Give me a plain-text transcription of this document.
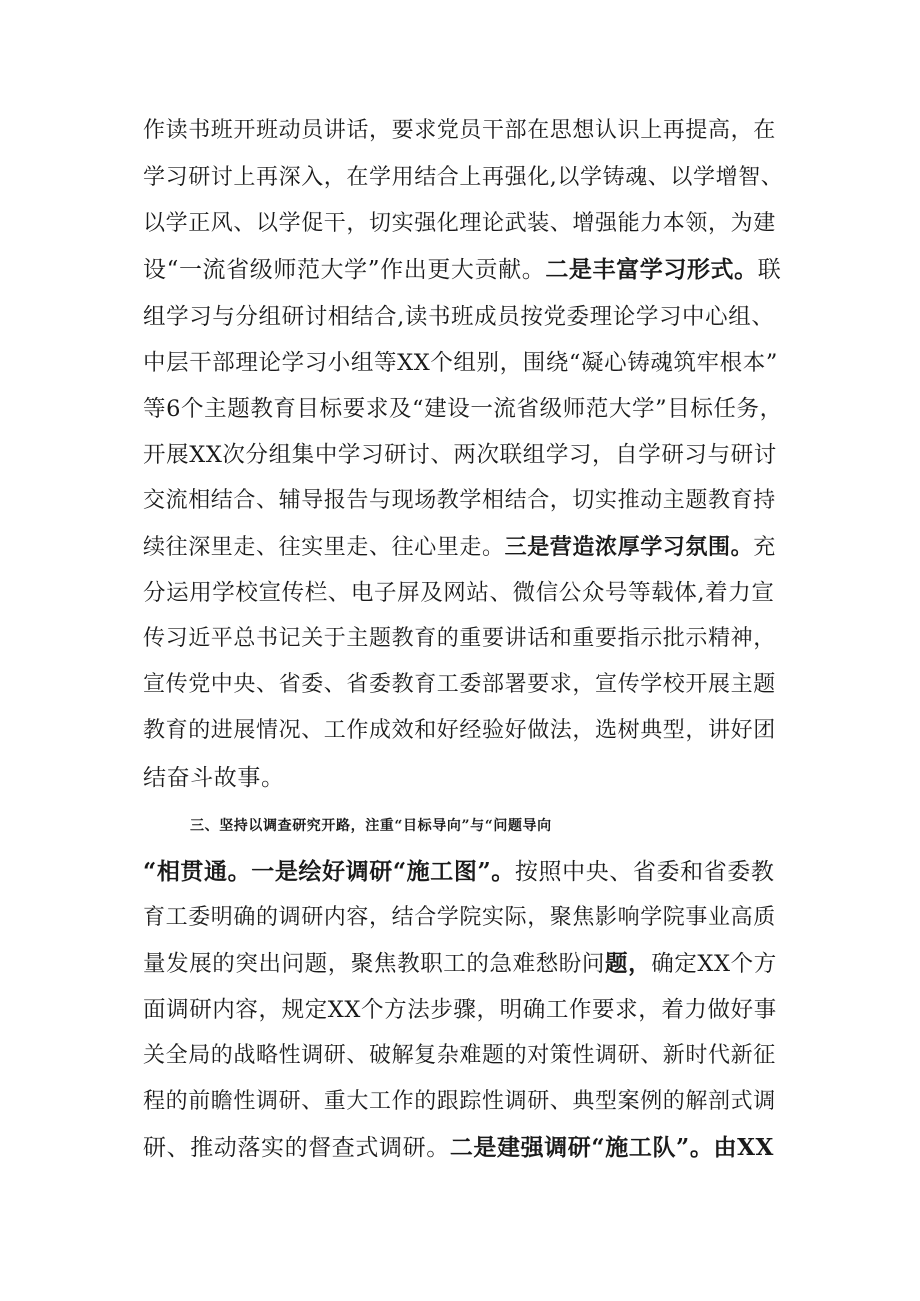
作读书班开班动员讲话，要求党员干部在思想认识上再提高，在
学习研讨上再深入，在学用结合上再强化,以学铸魂、以学增智、
以学正风、以学促干，切实强化理论武装、增强能力本领，为建
设“一流省级师范大学”作出更大贡献。二是丰富学习形式。联
组学习与分组研讨相结合,读书班成员按党委理论学习中心组、
中层干部理论学习小组等XX个组别，围绕“凝心铸魂筑牢根本”
等6个主题教育目标要求及“建设一流省级师范大学”目标任务，
开展XX次分组集中学习研讨、两次联组学习，自学研习与研讨
交流相结合、辅导报告与现场教学相结合，切实推动主题教育持
续往深里走、往实里走、往心里走。三是营造浓厚学习氛围。充
分运用学校宣传栏、电子屏及网站、微信公众号等载体,着力宣
传习近平总书记关于主题教育的重要讲话和重要指示批示精神，
宣传党中央、省委、省委教育工委部署要求，宣传学校开展主题
教育的进展情况、工作成效和好经验好做法，选树典型，讲好团
结奋斗故事。
三、坚持以调查研究开路，注重“目标导向”与“问题导向
“相贯通。一是绘好调研“施工图”。按照中央、省委和省委教
育工委明确的调研内容，结合学院实际，聚焦影响学院事业高质
量发展的突出问题，聚焦教职工的急难愁盼问题，确定XX个方
面调研内容，规定XX个方法步骤，明确工作要求，着力做好事
关全局的战略性调研、破解复杂难题的对策性调研、新时代新征
程的前瞻性调研、重大工作的跟踪性调研、典型案例的解剖式调
研、推动落实的督查式调研。二是建强调研“施工队”。由XX
